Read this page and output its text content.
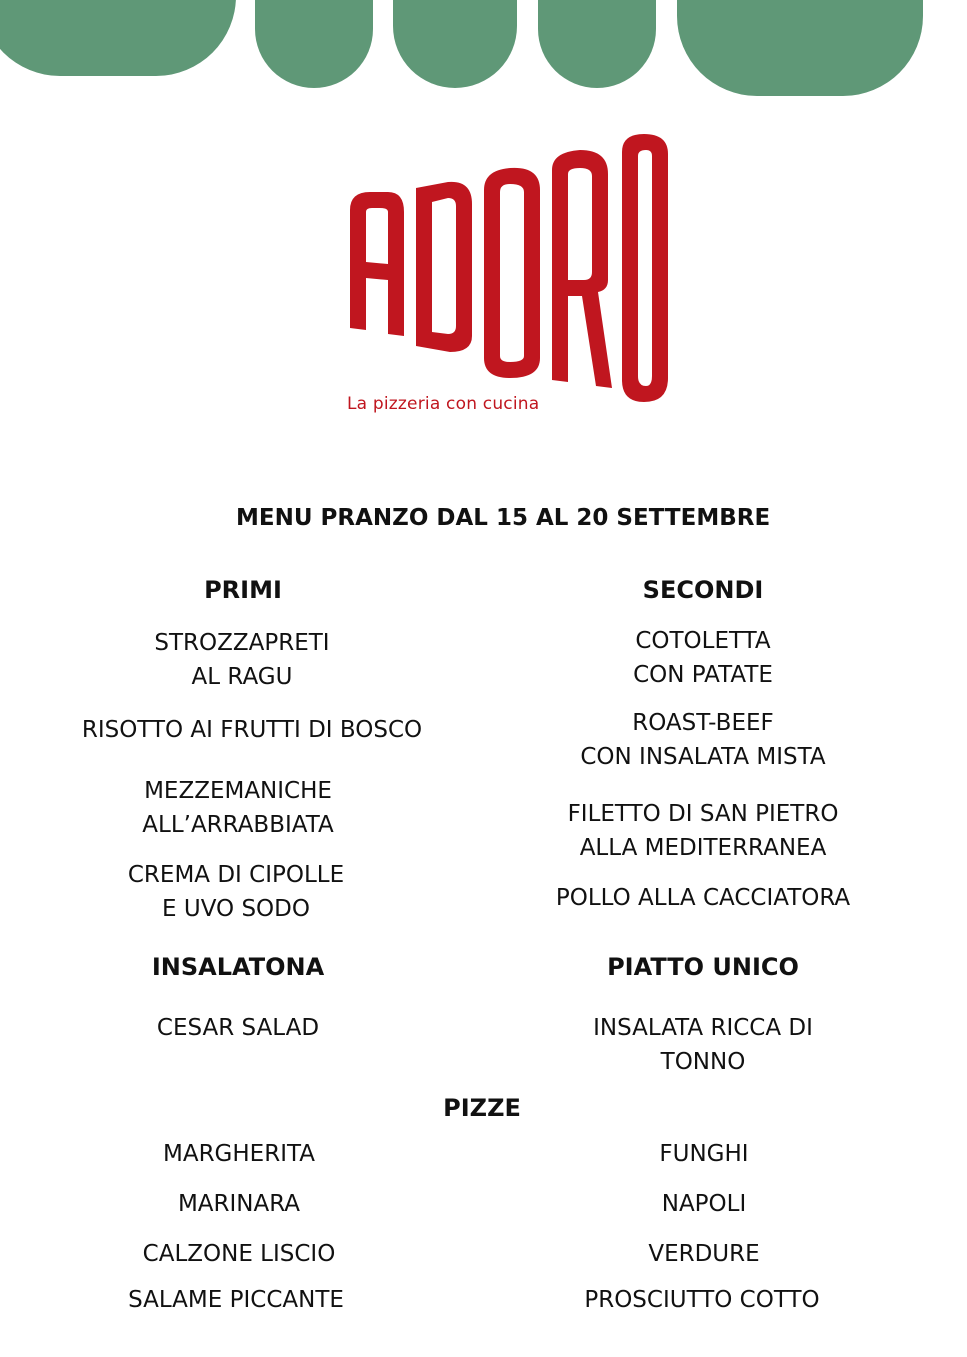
La pizzeria con cucina
MENU PRANZO DAL 15 AL 20 SETTEMBRE
PRIMI
STROZZAPRETI
AL RAGU
RISOTTO AI FRUTTI DI BOSCO
MEZZEMANICHE
ALL’ARRABBIATA
CREMA DI CIPOLLE
E UVO SODO
SECONDI
COTOLETTA
CON PATATE
ROAST-BEEF
CON INSALATA MISTA
FILETTO DI SAN PIETRO
ALLA MEDITERRANEA
POLLO ALLA CACCIATORA
INSALATONA
CESAR SALAD
PIATTO UNICO
INSALATA RICCA DI
TONNO
PIZZE
MARGHERITA
MARINARA
CALZONE LISCIO
SALAME PICCANTE
FUNGHI
NAPOLI
VERDURE
PROSCIUTTO COTTO
